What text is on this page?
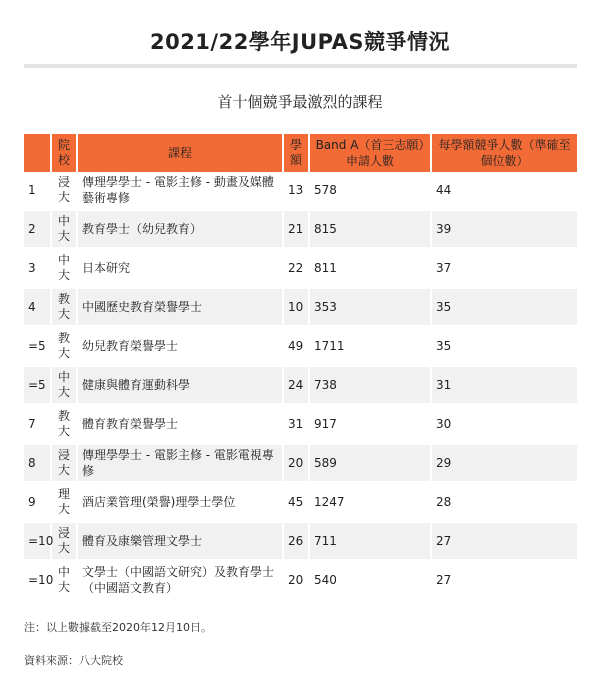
2021/22學年JUPAS競爭情況
首十個競爭最激烈的課程
	院校	課程	學額	Band A（首三志願）申請人數	每學額競爭人數（準確至個位數）
1	浸大	傳理學學士 - 電影主修 - 動畫及媒體藝術專修	13	578	44
2	中大	教育學士（幼兒教育）	21	815	39
3	中大	日本研究	22	811	37
4	教大	中國歷史教育榮譽學士	10	353	35
=5	教大	幼兒教育榮譽學士	49	1711	35
=5	中大	健康與體育運動科學	24	738	31
7	教大	體育教育榮譽學士	31	917	30
8	浸大	傳理學學士 - 電影主修 - 電影電視專修	20	589	29
9	理大	酒店業管理(榮譽)理學士學位	45	1247	28
=10	浸大	體育及康樂管理文學士	26	711	27
=10	中大	文學士（中國語文研究）及教育學士（中國語文教育）	20	540	27
注：以上數據截至2020年12月10日。
資料來源：八大院校
